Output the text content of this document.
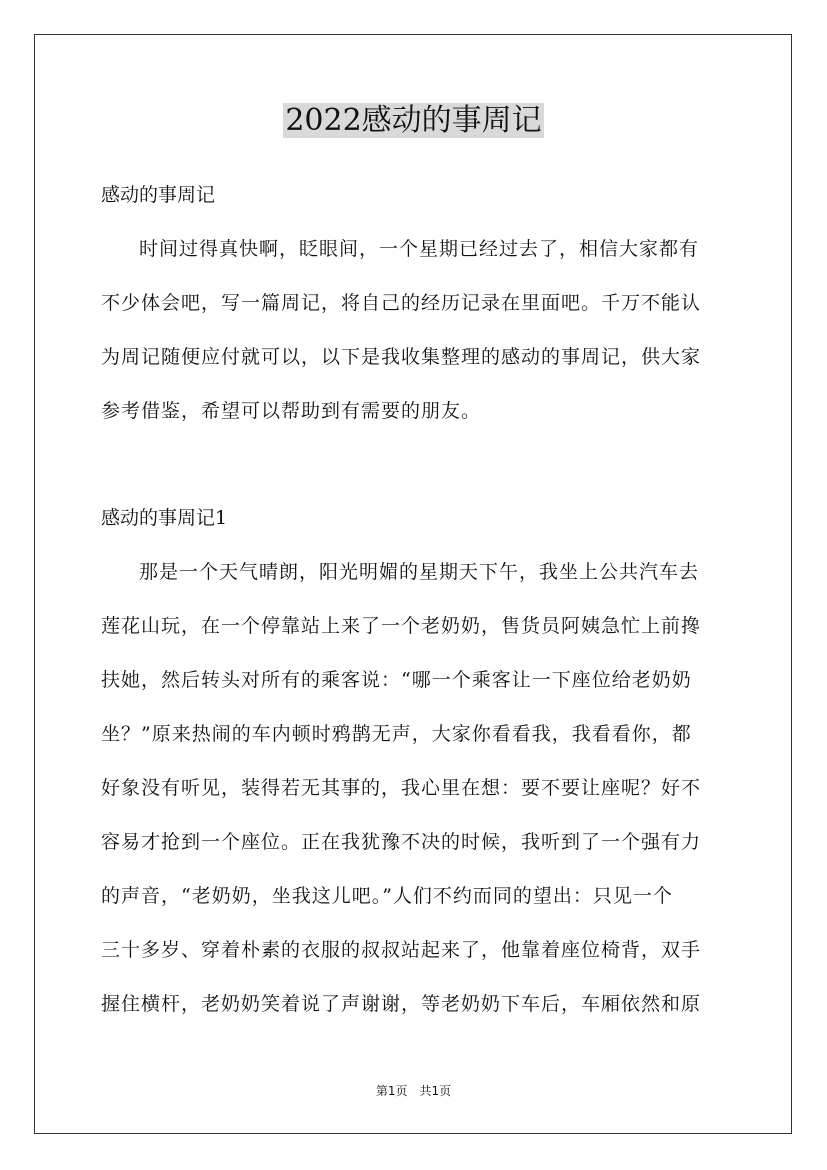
2022感动的事周记
感动的事周记
时间过得真快啊，眨眼间，一个星期已经过去了，相信大家都有
不少体会吧，写一篇周记，将自己的经历记录在里面吧。千万不能认
为周记随便应付就可以，以下是我收集整理的感动的事周记，供大家
参考借鉴，希望可以帮助到有需要的朋友。
感动的事周记1
那是一个天气晴朗，阳光明媚的星期天下午，我坐上公共汽车去
莲花山玩，在一个停靠站上来了一个老奶奶，售货员阿姨急忙上前搀
扶她，然后转头对所有的乘客说：“哪一个乘客让一下座位给老奶奶
坐？”原来热闹的车内顿时鸦鹊无声，大家你看看我，我看看你，都
好象没有听见，装得若无其事的，我心里在想：要不要让座呢？好不
容易才抢到一个座位。正在我犹豫不决的时候，我听到了一个强有力
的声音，“老奶奶，坐我这儿吧。”人们不约而同的望出：只见一个
三十多岁、穿着朴素的衣服的叔叔站起来了，他靠着座位椅背，双手
握住横杆，老奶奶笑着说了声谢谢，等老奶奶下车后，车厢依然和原
第1页　共1页
